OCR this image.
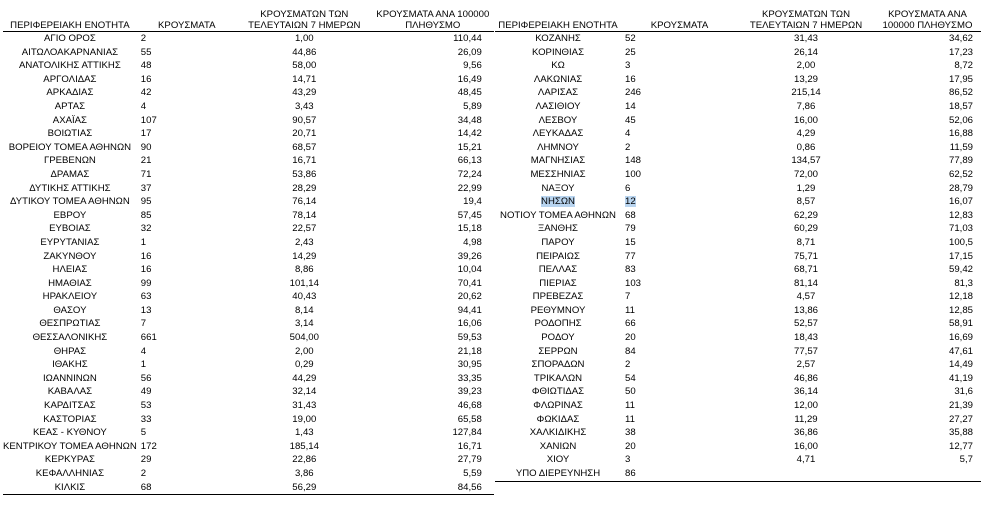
ΠΕΡΙΦΕΡΕΙΑΚΗ ΕΝΟΤΗΤΑ	ΚΡΟΥΣΜΑΤΑ	ΚΡΟΥΣΜΑΤΩΝ ΤΩΝ ΤΕΛΕΥΤΑΙΩΝ 7 ΗΜΕΡΩΝ	ΚΡΟΥΣΜΑΤΑ ΑΝΑ 100000 ΠΛΗΘΥΣΜΟ
ΑΓΙΟ ΟΡΟΣ	2	1,00	110,44
ΑΙΤΩΛΟΑΚΑΡΝΑΝΙΑΣ	55	44,86	26,09
ΑΝΑΤΟΛΙΚΗΣ ΑΤΤΙΚΗΣ	48	58,00	9,56
ΑΡΓΟΛΙΔΑΣ	16	14,71	16,49
ΑΡΚΑΔΙΑΣ	42	43,29	48,45
ΑΡΤΑΣ	4	3,43	5,89
ΑΧΑΪΑΣ	107	90,57	34,48
ΒΟΙΩΤΙΑΣ	17	20,71	14,42
ΒΟΡΕΙΟΥ ΤΟΜΕΑ ΑΘΗΝΩΝ	90	68,57	15,21
ΓΡΕΒΕΝΩΝ	21	16,71	66,13
ΔΡΑΜΑΣ	71	53,86	72,24
ΔΥΤΙΚΗΣ ΑΤΤΙΚΗΣ	37	28,29	22,99
ΔΥΤΙΚΟΥ ΤΟΜΕΑ ΑΘΗΝΩΝ	95	76,14	19,4
ΕΒΡΟΥ	85	78,14	57,45
ΕΥΒΟΙΑΣ	32	22,57	15,18
ΕΥΡΥΤΑΝΙΑΣ	1	2,43	4,98
ΖΑΚΥΝΘΟΥ	16	14,29	39,26
ΗΛΕΙΑΣ	16	8,86	10,04
ΗΜΑΘΙΑΣ	99	101,14	70,41
ΗΡΑΚΛΕΙΟΥ	63	40,43	20,62
ΘΑΣΟΥ	13	8,14	94,41
ΘΕΣΠΡΩΤΙΑΣ	7	3,14	16,06
ΘΕΣΣΑΛΟΝΙΚΗΣ	661	504,00	59,53
ΘΗΡΑΣ	4	2,00	21,18
ΙΘΑΚΗΣ	1	0,29	30,95
ΙΩΑΝΝΙΝΩΝ	56	44,29	33,35
ΚΑΒΑΛΑΣ	49	32,14	39,23
ΚΑΡΔΙΤΣΑΣ	53	31,43	46,68
ΚΑΣΤΟΡΙΑΣ	33	19,00	65,58
ΚΕΑΣ - ΚΥΘΝΟΥ	5	1,43	127,84
ΚΕΝΤΡΙΚΟΥ ΤΟΜΕΑ ΑΘΗΝΩΝ	172	185,14	16,71
ΚΕΡΚΥΡΑΣ	29	22,86	27,79
ΚΕΦΑΛΛΗΝΙΑΣ	2	3,86	5,59
ΚΙΛΚΙΣ	68	56,29	84,56
ΠΕΡΙΦΕΡΕΙΑΚΗ ΕΝΟΤΗΤΑ	ΚΡΟΥΣΜΑΤΑ	ΚΡΟΥΣΜΑΤΩΝ ΤΩΝ ΤΕΛΕΥΤΑΙΩΝ 7 ΗΜΕΡΩΝ	ΚΡΟΥΣΜΑΤΑ ΑΝΑ 100000 ΠΛΗΘΥΣΜΟ
ΚΟΖΑΝΗΣ	52	31,43	34,62
ΚΟΡΙΝΘΙΑΣ	25	26,14	17,23
ΚΩ	3	2,00	8,72
ΛΑΚΩΝΙΑΣ	16	13,29	17,95
ΛΑΡΙΣΑΣ	246	215,14	86,52
ΛΑΣΙΘΙΟΥ	14	7,86	18,57
ΛΕΣΒΟΥ	45	16,00	52,06
ΛΕΥΚΑΔΑΣ	4	4,29	16,88
ΛΗΜΝΟΥ	2	0,86	11,59
ΜΑΓΝΗΣΙΑΣ	148	134,57	77,89
ΜΕΣΣΗΝΙΑΣ	100	72,00	62,52
ΝΑΞΟΥ	6	1,29	28,79
ΝΗΣΩΝ	12	8,57	16,07
ΝΟΤΙΟΥ ΤΟΜΕΑ ΑΘΗΝΩΝ	68	62,29	12,83
ΞΑΝΘΗΣ	79	60,29	71,03
ΠΑΡΟΥ	15	8,71	100,5
ΠΕΙΡΑΙΩΣ	77	75,71	17,15
ΠΕΛΛΑΣ	83	68,71	59,42
ΠΙΕΡΙΑΣ	103	81,14	81,3
ΠΡΕΒΕΖΑΣ	7	4,57	12,18
ΡΕΘΥΜΝΟΥ	11	13,86	12,85
ΡΟΔΟΠΗΣ	66	52,57	58,91
ΡΟΔΟΥ	20	18,43	16,69
ΣΕΡΡΩΝ	84	77,57	47,61
ΣΠΟΡΑΔΩΝ	2	2,57	14,49
ΤΡΙΚΑΛΩΝ	54	46,86	41,19
ΦΘΙΩΤΙΔΑΣ	50	36,14	31,6
ΦΛΩΡΙΝΑΣ	11	12,00	21,39
ΦΩΚΙΔΑΣ	11	11,29	27,27
ΧΑΛΚΙΔΙΚΗΣ	38	36,86	35,88
ΧΑΝΙΩΝ	20	16,00	12,77
ΧΙΟΥ	3	4,71	5,7
ΥΠΟ ΔΙΕΡΕΥΝΗΣΗ	86		
